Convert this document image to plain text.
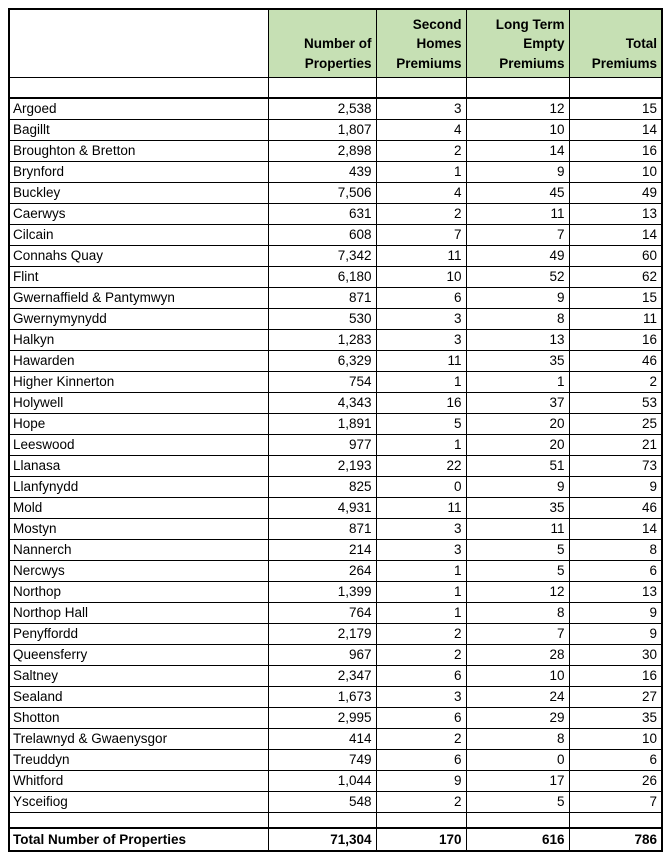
	Number of Properties	Second Homes Premiums	Long Term Empty Premiums	Total Premiums

Argoed	2,538	3	12	15
Bagillt	1,807	4	10	14
Broughton & Bretton	2,898	2	14	16
Brynford	439	1	9	10
Buckley	7,506	4	45	49
Caerwys	631	2	11	13
Cilcain	608	7	7	14
Connahs Quay	7,342	11	49	60
Flint	6,180	10	52	62
Gwernaffield & Pantymwyn	871	6	9	15
Gwernymynydd	530	3	8	11
Halkyn	1,283	3	13	16
Hawarden	6,329	11	35	46
Higher Kinnerton	754	1	1	2
Holywell	4,343	16	37	53
Hope	1,891	5	20	25
Leeswood	977	1	20	21
Llanasa	2,193	22	51	73
Llanfynydd	825	0	9	9
Mold	4,931	11	35	46
Mostyn	871	3	11	14
Nannerch	214	3	5	8
Nercwys	264	1	5	6
Northop	1,399	1	12	13
Northop Hall	764	1	8	9
Penyffordd	2,179	2	7	9
Queensferry	967	2	28	30
Saltney	2,347	6	10	16
Sealand	1,673	3	24	27
Shotton	2,995	6	29	35
Trelawnyd & Gwaenysgor	414	2	8	10
Treuddyn	749	6	0	6
Whitford	1,044	9	17	26
Ysceifiog	548	2	5	7

Total Number of Properties	71,304	170	616	786
